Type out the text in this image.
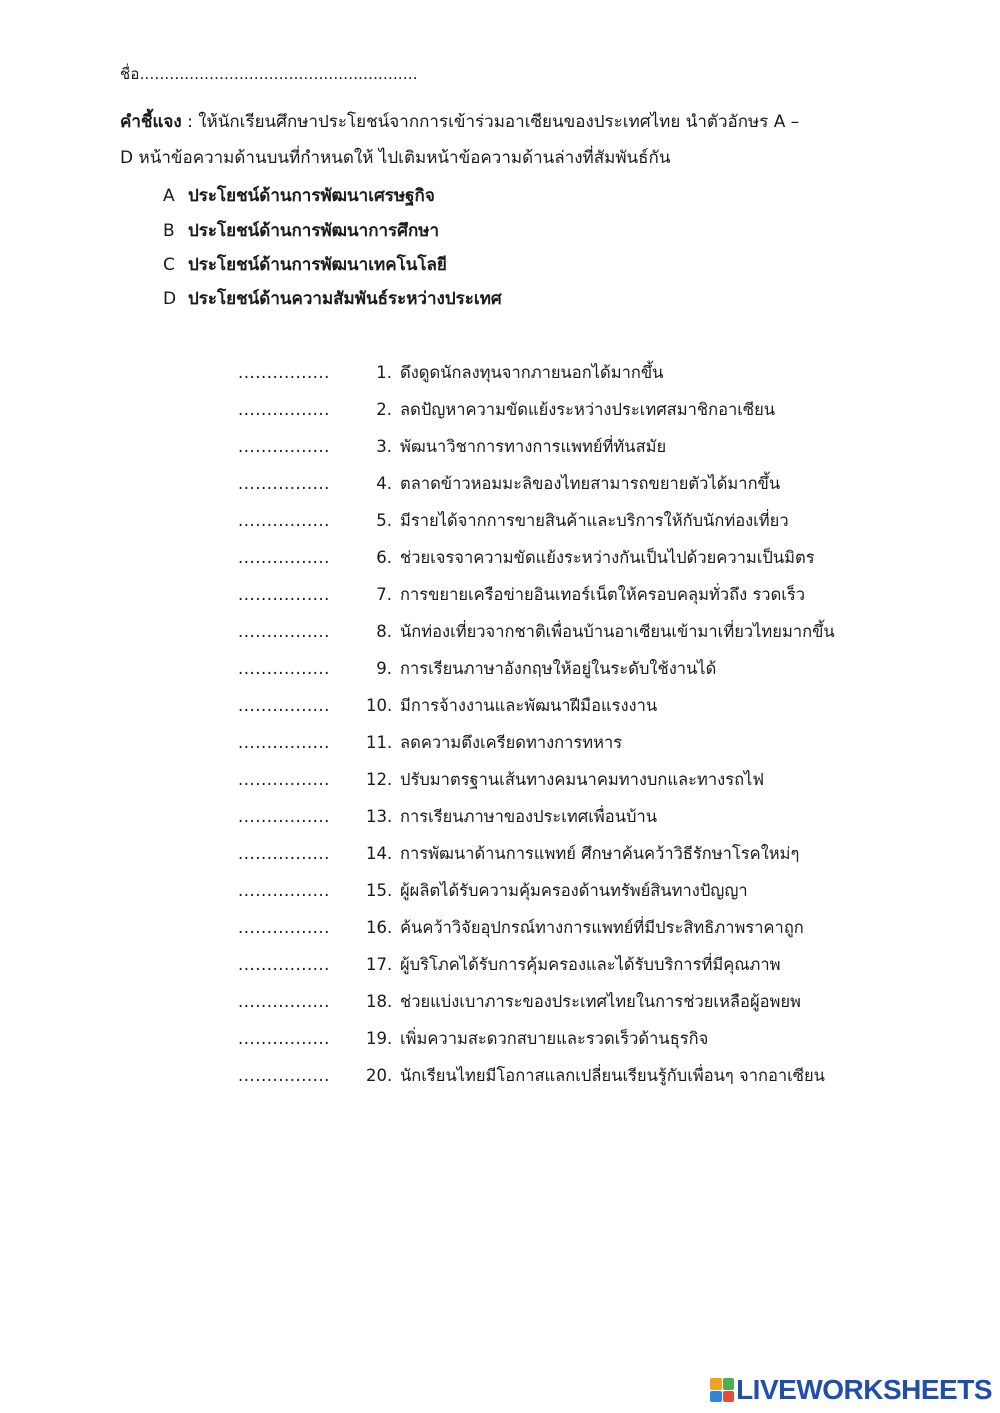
ชื่อ........................................................
คำชี้แจง : ให้นักเรียนศึกษาประโยชน์จากการเข้าร่วมอาเซียนของประเทศไทย นำตัวอักษร A –
D หน้าข้อความด้านบนที่กำหนดให้ ไปเติมหน้าข้อความด้านล่างที่สัมพันธ์กัน
A ประโยชน์ด้านการพัฒนาเศรษฐกิจ
B ประโยชน์ด้านการพัฒนาการศึกษา
C ประโยชน์ด้านการพัฒนาเทคโนโลยี
D ประโยชน์ด้านความสัมพันธ์ระหว่างประเทศ
................	1. ดึงดูดนักลงทุนจากภายนอกได้มากขึ้น
................	2. ลดปัญหาความขัดแย้งระหว่างประเทศสมาชิกอาเซียน
................	3. พัฒนาวิชาการทางการแพทย์ที่ทันสมัย
................	4. ตลาดข้าวหอมมะลิของไทยสามารถขยายตัวได้มากขึ้น
................	5. มีรายได้จากการขายสินค้าและบริการให้กับนักท่องเที่ยว
................	6. ช่วยเจรจาความขัดแย้งระหว่างกันเป็นไปด้วยความเป็นมิตร
................	7. การขยายเครือข่ายอินเทอร์เน็ตให้ครอบคลุมทั่วถึง รวดเร็ว
................	8. นักท่องเที่ยวจากชาติเพื่อนบ้านอาเซียนเข้ามาเที่ยวไทยมากขึ้น
................	9. การเรียนภาษาอังกฤษให้อยู่ในระดับใช้งานได้
................	10. มีการจ้างงานและพัฒนาฝีมือแรงงาน
................	11. ลดความตึงเครียดทางการทหาร
................	12. ปรับมาตรฐานเส้นทางคมนาคมทางบกและทางรถไฟ
................	13. การเรียนภาษาของประเทศเพื่อนบ้าน
................	14. การพัฒนาด้านการแพทย์ ศึกษาค้นคว้าวิธีรักษาโรคใหม่ๆ
................	15. ผู้ผลิตได้รับความคุ้มครองด้านทรัพย์สินทางปัญญา
................	16. ค้นคว้าวิจัยอุปกรณ์ทางการแพทย์ที่มีประสิทธิภาพราคาถูก
................	17. ผู้บริโภคได้รับการคุ้มครองและได้รับบริการที่มีคุณภาพ
................	18. ช่วยแบ่งเบาภาระของประเทศไทยในการช่วยเหลือผู้อพยพ
................	19. เพิ่มความสะดวกสบายและรวดเร็วด้านธุรกิจ
................	20. นักเรียนไทยมีโอกาสแลกเปลี่ยนเรียนรู้กับเพื่อนๆ จากอาเซียน
LIVEWORKSHEETS
